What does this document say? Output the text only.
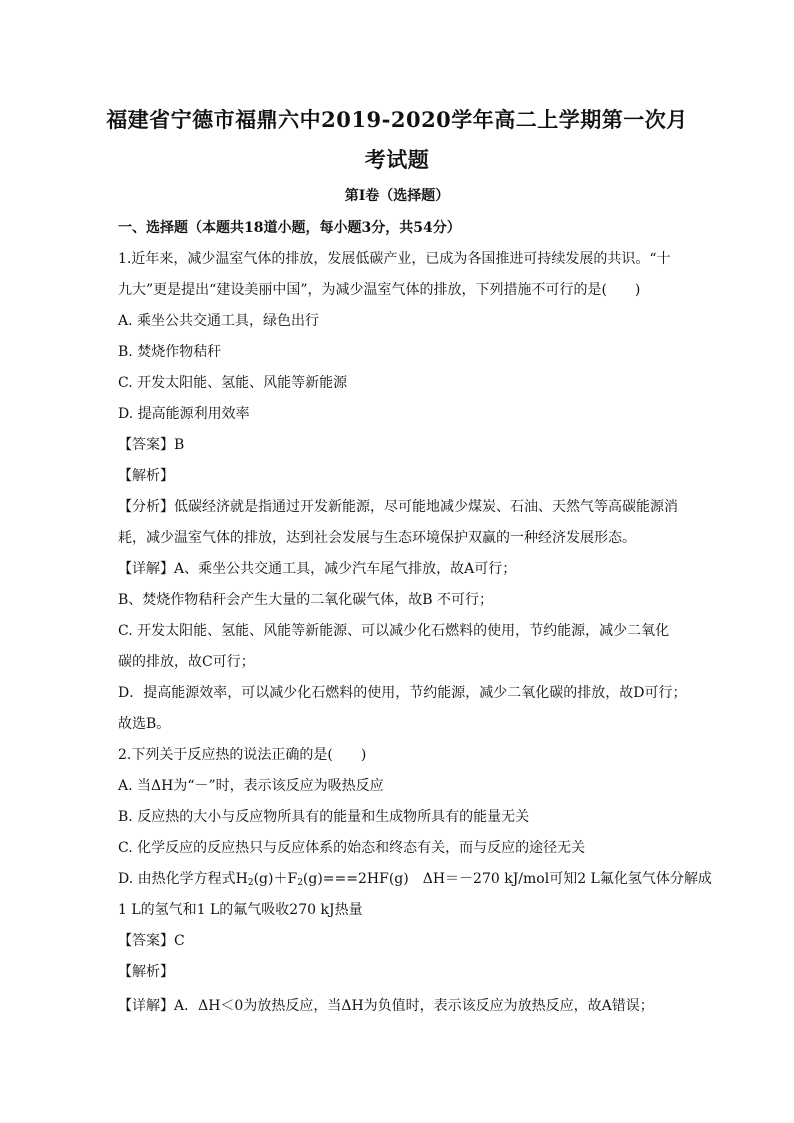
福建省宁德市福鼎六中2019-2020学年高二上学期第一次月
考试题
第Ⅰ卷（选择题）
一、选择题（本题共18道小题，每小题3分，共54分）
1.近年来，减少温室气体的排放，发展低碳产业，已成为各国推进可持续发展的共识。“十
九大”更是提出“建设美丽中国”，为减少温室气体的排放，下列措施不可行的是(　　)
A. 乘坐公共交通工具，绿色出行
B. 焚烧作物秸秆
C. 开发太阳能、氢能、风能等新能源
D. 提高能源利用效率
【答案】B
【解析】
【分析】低碳经济就是指通过开发新能源，尽可能地减少煤炭、石油、天然气等高碳能源消
耗，减少温室气体的排放，达到社会发展与生态环境保护双赢的一种经济发展形态。
【详解】A、乘坐公共交通工具，减少汽车尾气排放，故A可行；
B、焚烧作物秸秆会产生大量的二氧化碳气体，故B 不可行；
C. 开发太阳能、氢能、风能等新能源、可以减少化石燃料的使用，节约能源，减少二氧化
碳的排放，故C可行；
D．提高能源效率，可以减少化石燃料的使用，节约能源，减少二氧化碳的排放，故D可行；
故选B。
2.下列关于反应热的说法正确的是(　　)
A. 当ΔH为“－”时，表示该反应为吸热反应
B. 反应热的大小与反应物所具有的能量和生成物所具有的能量无关
C. 化学反应的反应热只与反应体系的始态和终态有关，而与反应的途径无关
D. 由热化学方程式$H_2(g)+F_2(g)===2HF(g)$　ΔH＝－270 kJ/mol可知2 L氟化氢气体分解成
1 L的氢气和1 L的氟气吸收270 kJ热量
【答案】C
【解析】
【详解】A．ΔH＜0为放热反应，当ΔH为负值时，表示该反应为放热反应，故A错误；
